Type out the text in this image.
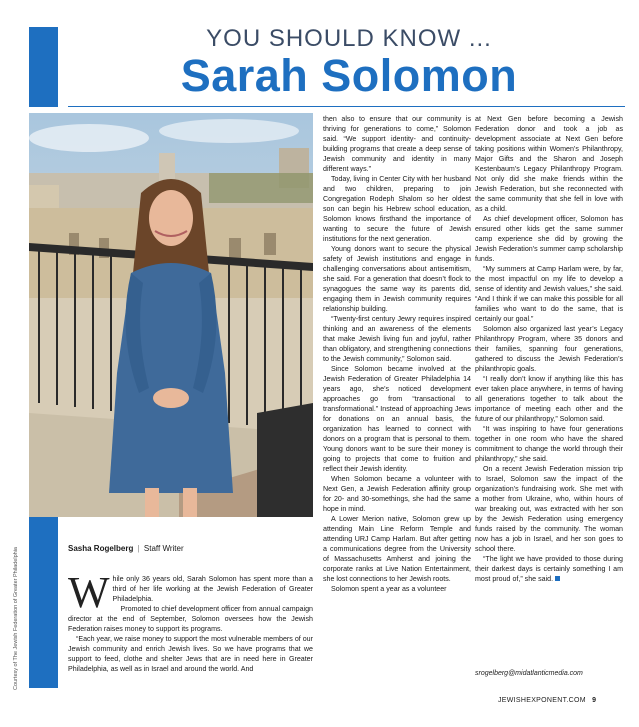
Courtesy of The Jewish Federation of Greater Philadelphia
YOU SHOULD KNOW ...
Sarah Solomon
Sasha Rogelberg | Staff Writer

While only 36 years old, Sarah Solomon has spent more than a third of her life working at the Jewish Federation of Greater Philadelphia.

Promoted to chief development officer from annual campaign director at the end of September, Solomon oversees how the Jewish Federation raises money to support its programs.

“Each year, we raise money to support the most vulnerable members of our Jewish community and enrich Jewish lives. So we have programs that we support to feed, clothe and shelter Jews that are in need here in Greater Philadelphia, as well as in Israel and around the world. And

then also to ensure that our community is thriving for generations to come,” Solomon said. “We support identity- and continuity-building programs that create a deep sense of Jewish community and identity in many different ways.”

Today, living in Center City with her husband and two children, preparing to join Congregation Rodeph Shalom so her oldest son can begin his Hebrew school education, Solomon knows firsthand the importance of wanting to secure the future of Jewish institutions for the next generation.

Young donors want to secure the physical safety of Jewish institutions and engage in challenging conversations about antisemitism, she said. For a generation that doesn’t flock to synagogues the same way its parents did, engaging them in Jewish community requires relationship building.

“Twenty-first century Jewry requires inspired thinking and an awareness of the elements that make Jewish living fun and joyful, rather than obligatory, and strengthening connections to the Jewish community,” Solomon said.

Since Solomon became involved at the Jewish Federation of Greater Philadelphia 14 years ago, she’s noticed development approaches go from “transactional to transformational.” Instead of approaching Jews for donations on an annual basis, the organization has learned to connect with donors on a program that is personal to them. Young donors want to be sure their money is going to projects that come to fruition and reflect their Jewish identity.

When Solomon became a volunteer with Next Gen, a Jewish Federation affinity group for 20- and 30-somethings, she had the same hope in mind.

A Lower Merion native, Solomon grew up attending Main Line Reform Temple and attending URJ Camp Harlam. But after getting a communications degree from the University of Massachusetts Amherst and joining the corporate ranks at Live Nation Entertainment, she lost connections to her Jewish roots.

Solomon spent a year as a volunteer

at Next Gen before becoming a Jewish Federation donor and took a job as development associate at Next Gen before taking positions within Women’s Philanthropy, Major Gifts and the Sharon and Joseph Kestenbaum’s Legacy Philanthropy Program. Not only did she make friends within the Jewish Federation, but she reconnected with the same community that she fell in love with as a child.

As chief development officer, Solomon has ensured other kids get the same summer camp experience she did by growing the Jewish Federation’s summer camp scholarship funds.

“My summers at Camp Harlam were, by far, the most impactful on my life to develop a sense of identity and Jewish values,” she said. “And I think if we can make this possible for all families who want to do the same, that is certainly our goal.”

Solomon also organized last year’s Legacy Philanthropy Program, where 35 donors and their families, spanning four generations, gathered to discuss the Jewish Federation’s philanthropic goals.

“I really don’t know if anything like this has ever taken place anywhere, in terms of having all generations together to talk about the importance of meeting each other and the future of our philanthropy,” Solomon said.

“It was inspiring to have four generations together in one room who have the shared commitment to change the world through their philanthropy,” she said.

On a recent Jewish Federation mission trip to Israel, Solomon saw the impact of the organization’s fundraising work. She met with a mother from Ukraine, who, within hours of war breaking out, was extracted with her son by the Jewish Federation using emergency funds raised by the community. The woman now has a job in Israel, and her son goes to school there.

“The light we have provided to those during their darkest days is certainly something I am most proud of,” she said.

srogelberg@midatlanticmedia.com
JEWISHEXPONENT.COM 9
